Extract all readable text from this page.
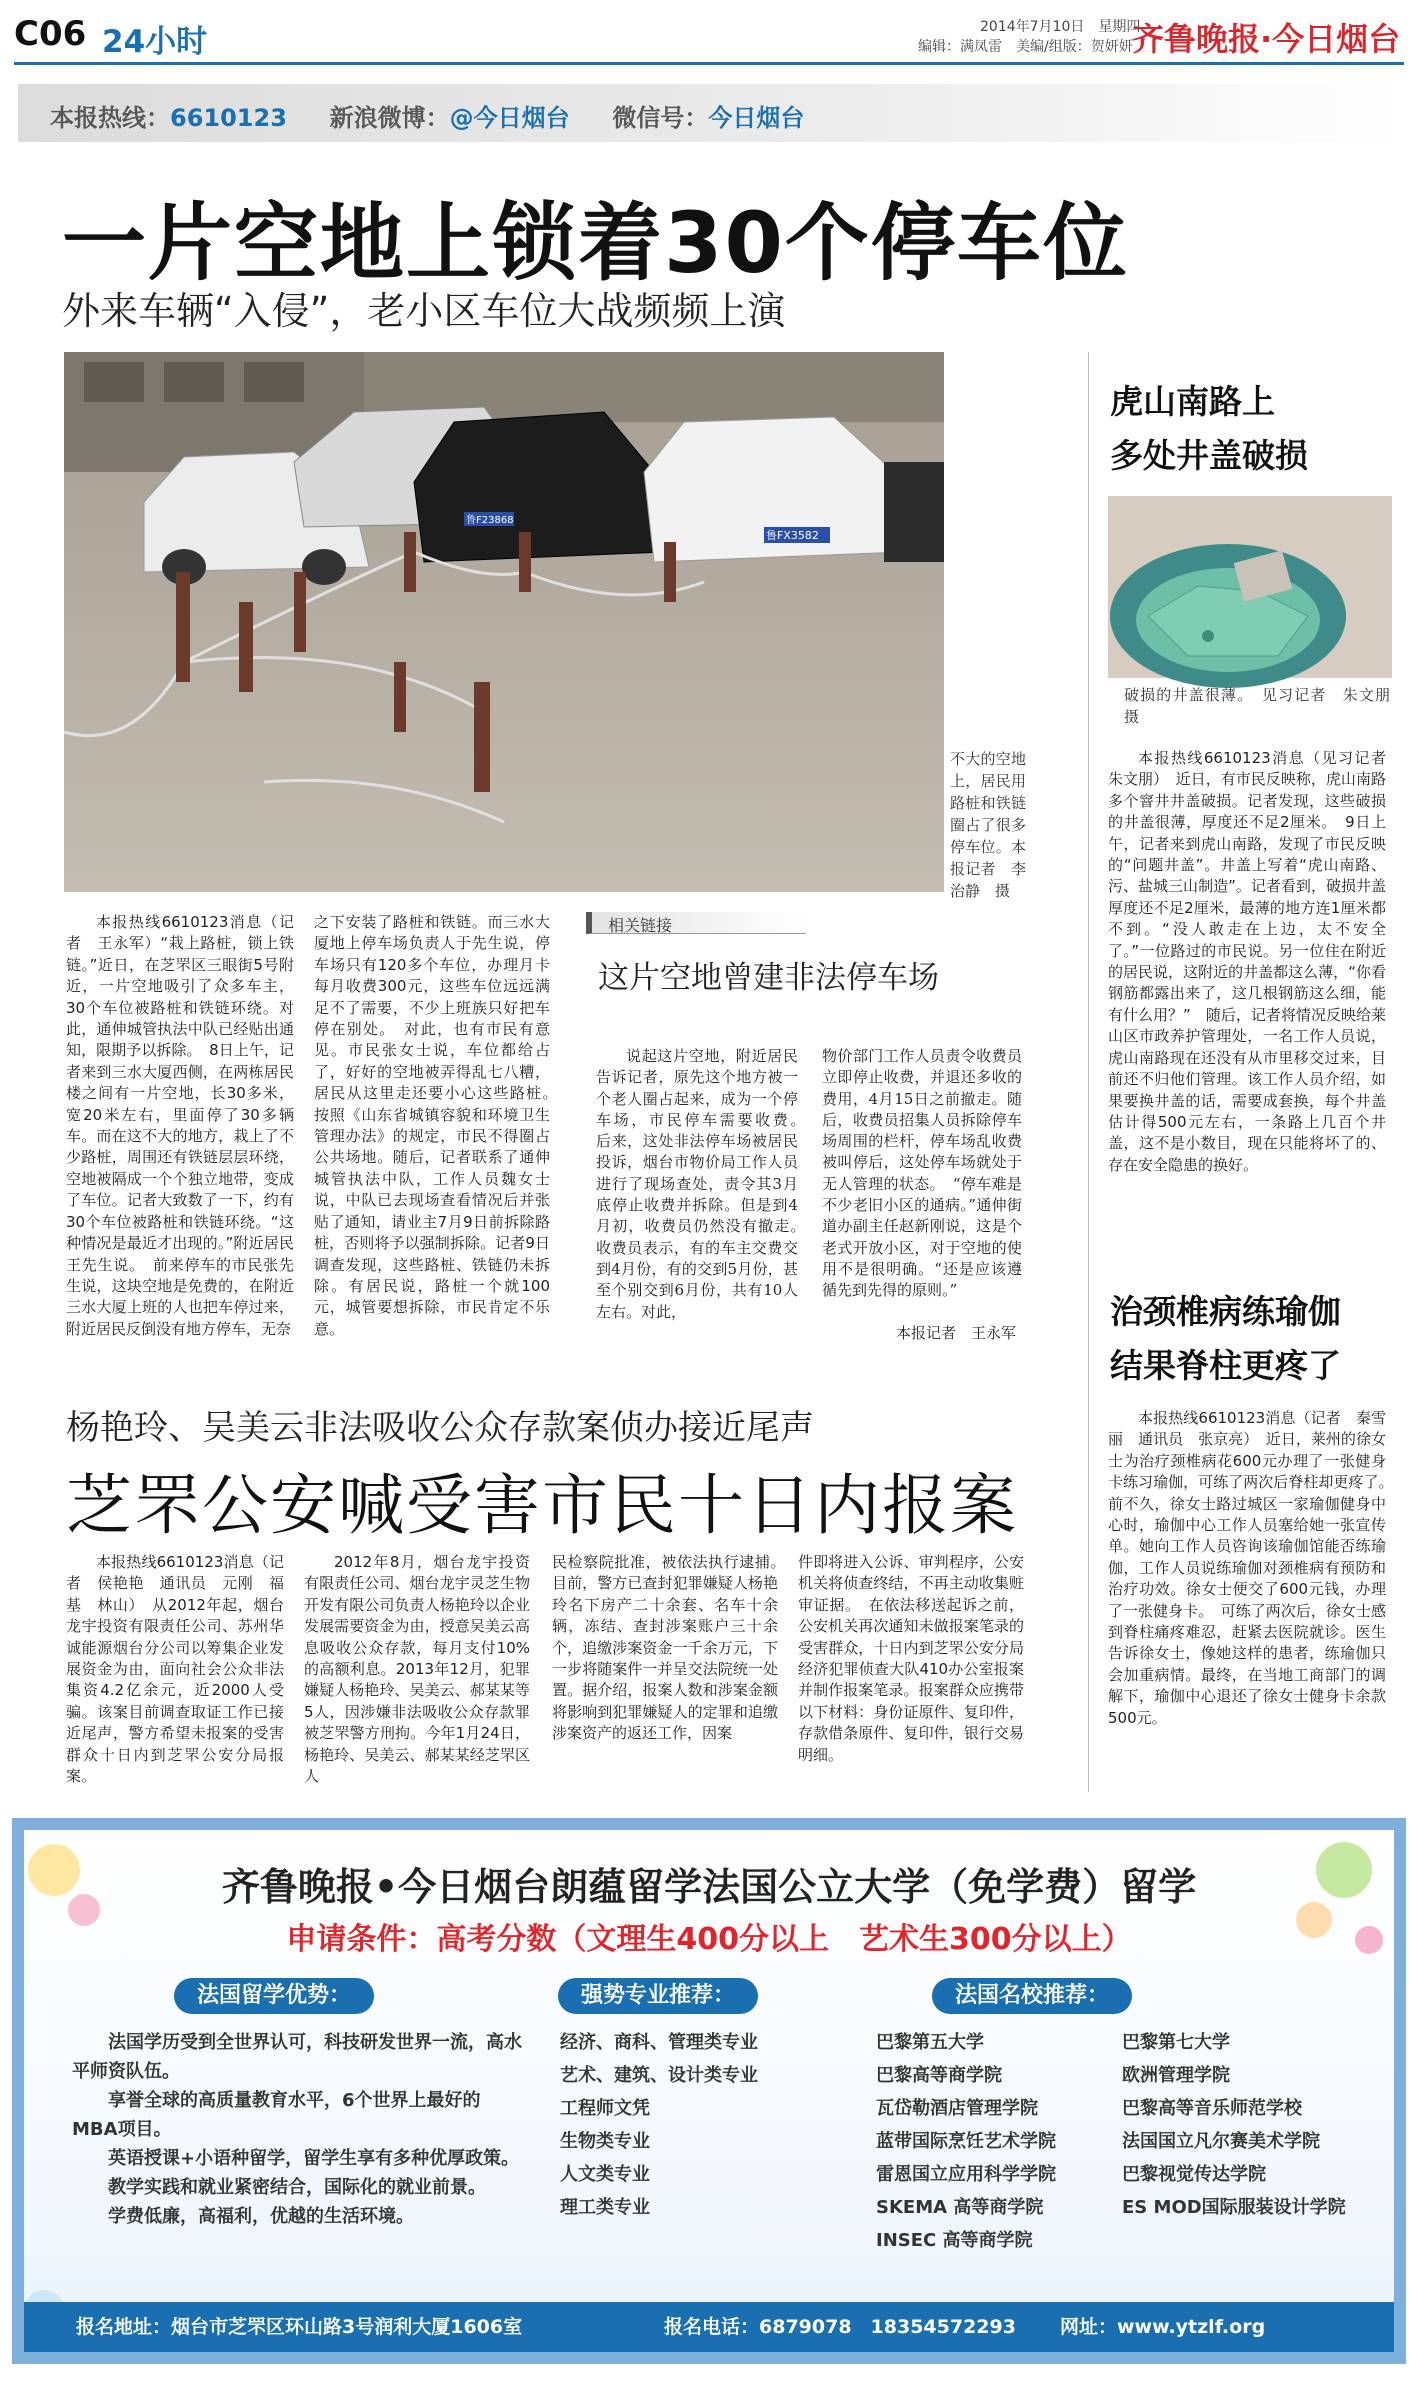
C06 24小时	2014年7月10日　星期四
编辑：满凤雷　美编/组版：贺妍妍 齐鲁晚报·今日烟台
本报热线：6610123 新浪微博：@今日烟台 微信号：今日烟台
一片空地上锁着30个停车位
外来车辆“入侵”，老小区车位大战频频上演
鲁F23868
鲁FX3582
不大的空地上，居民用路桩和铁链圈占了很多停车位。本报记者　李治静　摄

本报热线6610123消息（记者　王永军）“栽上路桩，锁上铁链。”近日，在芝罘区三眼街5号附近，一片空地吸引了众多车主，30个车位被路桩和铁链环绕。对此，通伸城管执法中队已经贴出通知，限期予以拆除。　8日上午，记者来到三水大厦西侧，在两栋居民楼之间有一片空地，长30多米，宽20米左右，里面停了30多辆车。而在这不大的地方，栽上了不少路桩，周围还有铁链层层环绕，空地被隔成一个个独立地带，变成了车位。记者大致数了一下，约有30个车位被路桩和铁链环绕。“这种情况是最近才出现的。”附近居民王先生说。　前来停车的市民张先生说，这块空地是免费的，在附近三水大厦上班的人也把车停过来，附近居民反倒没有地方停车，无奈

之下安装了路桩和铁链。而三水大厦地上停车场负责人于先生说，停车场只有120多个车位，办理月卡每月收费300元，这些车位远远满足不了需要，不少上班族只好把车停在别处。　对此，也有市民有意见。市民张女士说，车位都给占了，好好的空地被弄得乱七八糟，居民从这里走还要小心这些路桩。　按照《山东省城镇容貌和环境卫生管理办法》的规定，市民不得圈占公共场地。随后，记者联系了通伸城管执法中队，工作人员魏女士说，中队已去现场查看情况后并张贴了通知，请业主7月9日前拆除路桩，否则将予以强制拆除。记者9日调查发现，这些路桩、铁链仍未拆除。有居民说，路桩一个就100元，城管要想拆除，市民肯定不乐意。

相关链接
这片空地曾建非法停车场

说起这片空地，附近居民告诉记者，原先这个地方被一个老人圈占起来，成为一个停车场，市民停车需要收费。　后来，这处非法停车场被居民投诉，烟台市物价局工作人员进行了现场查处，责令其3月底停止收费并拆除。但是到4月初，收费员仍然没有撤走。　收费员表示，有的车主交费交到4月份，有的交到5月份，甚至个别交到6月份，共有10人左右。对此，

物价部门工作人员责令收费员立即停止收费，并退还多收的费用，4月15日之前撤走。随后，收费员招集人员拆除停车场周围的栏杆，停车场乱收费被叫停后，这处停车场就处于无人管理的状态。　“停车难是不少老旧小区的通病。”通伸街道办副主任赵新刚说，这是个老式开放小区，对于空地的使用不是很明确。“还是应该遵循先到先得的原则。”

本报记者　王永军
虎山南路上
多处井盖破损
破损的井盖很薄。　见习记者　朱文朋　摄

本报热线6610123消息（见习记者　朱文朋）　近日，有市民反映称，虎山南路多个窨井井盖破损。记者发现，这些破损的井盖很薄，厚度还不足2厘米。　9日上午，记者来到虎山南路，发现了市民反映的“问题井盖”。井盖上写着“虎山南路、污、盐城三山制造”。记者看到，破损井盖厚度还不足2厘米，最薄的地方连1厘米都不到。“没人敢走在上边，太不安全了。”一位路过的市民说。另一位住在附近的居民说，这附近的井盖都这么薄，“你看钢筋都露出来了，这几根钢筋这么细，能有什么用？”　随后，记者将情况反映给莱山区市政养护管理处，一名工作人员说，虎山南路现在还没有从市里移交过来，目前还不归他们管理。该工作人员介绍，如果要换井盖的话，需要成套换，每个井盖估计得500元左右，一条路上几百个井盖，这不是小数目，现在只能将坏了的、存在安全隐患的换好。

治颈椎病练瑜伽
结果脊柱更疼了

本报热线6610123消息（记者　秦雪丽　通讯员　张京亮）　近日，莱州的徐女士为治疗颈椎病花600元办理了一张健身卡练习瑜伽，可练了两次后脊柱却更疼了。　前不久，徐女士路过城区一家瑜伽健身中心时，瑜伽中心工作人员塞给她一张宣传单。她向工作人员咨询该瑜伽馆能否练瑜伽，工作人员说练瑜伽对颈椎病有预防和治疗功效。徐女士便交了600元钱，办理了一张健身卡。　可练了两次后，徐女士感到脊柱痛疼难忍，赶紧去医院就诊。医生告诉徐女士，像她这样的患者，练瑜伽只会加重病情。最终，在当地工商部门的调解下，瑜伽中心退还了徐女士健身卡余款500元。

杨艳玲、吴美云非法吸收公众存款案侦办接近尾声
芝罘公安喊受害市民十日内报案

本报热线6610123消息（记者　侯艳艳　通讯员　元刚　福基　林山）　从2012年起，烟台龙宇投资有限责任公司、苏州华诚能源烟台分公司以筹集企业发展资金为由，面向社会公众非法集资4.2亿余元，近2000人受骗。该案目前调查取证工作已接近尾声，警方希望未报案的受害群众十日内到芝罘公安分局报案。

2012年8月，烟台龙宇投资有限责任公司、烟台龙宇灵芝生物开发有限公司负责人杨艳玲以企业发展需要资金为由，授意吴美云高息吸收公众存款，每月支付10%的高额利息。2013年12月，犯罪嫌疑人杨艳玲、吴美云、郝某某等5人，因涉嫌非法吸收公众存款罪被芝罘警方刑拘。今年1月24日，杨艳玲、吴美云、郝某某经芝罘区人

民检察院批准，被依法执行逮捕。　目前，警方已查封犯罪嫌疑人杨艳玲名下房产二十余套、名车十余辆，冻结、查封涉案账户三十余个，追缴涉案资金一千余万元，下一步将随案件一并呈交法院统一处置。据介绍，报案人数和涉案金额将影响到犯罪嫌疑人的定罪和追缴涉案资产的返还工作，因案

件即将进入公诉、审判程序，公安机关将侦查终结，不再主动收集赃审证据。　在依法移送起诉之前，公安机关再次通知未做报案笔录的受害群众，十日内到芝罘公安分局经济犯罪侦查大队410办公室报案并制作报案笔录。报案群众应携带以下材料：身份证原件、复印件，存款借条原件、复印件，银行交易明细。

齐鲁晚报•今日烟台朗蕴留学法国公立大学（免学费）留学
申请条件：高考分数（文理生400分以上　艺术生300分以上）
法国留学优势：

法国学历受到全世界认可，科技研发世界一流，高水平师资队伍。

享誉全球的高质量教育水平，6个世界上最好的MBA项目。

英语授课+小语种留学，留学生享有多种优厚政策。

教学实践和就业紧密结合，国际化的就业前景。

学费低廉，高福利，优越的生活环境。

强势专业推荐：
经济、商科、管理类专业
艺术、建筑、设计类专业
工程师文凭
生物类专业
人文类专业
理工类专业
法国名校推荐：
巴黎第五大学
巴黎高等商学院
瓦岱勒酒店管理学院
蓝带国际烹饪艺术学院
雷恩国立应用科学学院
SKEMA 高等商学院
INSEC 高等商学院
巴黎第七大学
欧洲管理学院
巴黎高等音乐师范学校
法国国立凡尔赛美术学院
巴黎视觉传达学院
ES MOD国际服装设计学院
报名地址：烟台市芝罘区环山路3号润利大厦1606室	报名电话：6879078　18354572293 网址：www.ytzlf.org
